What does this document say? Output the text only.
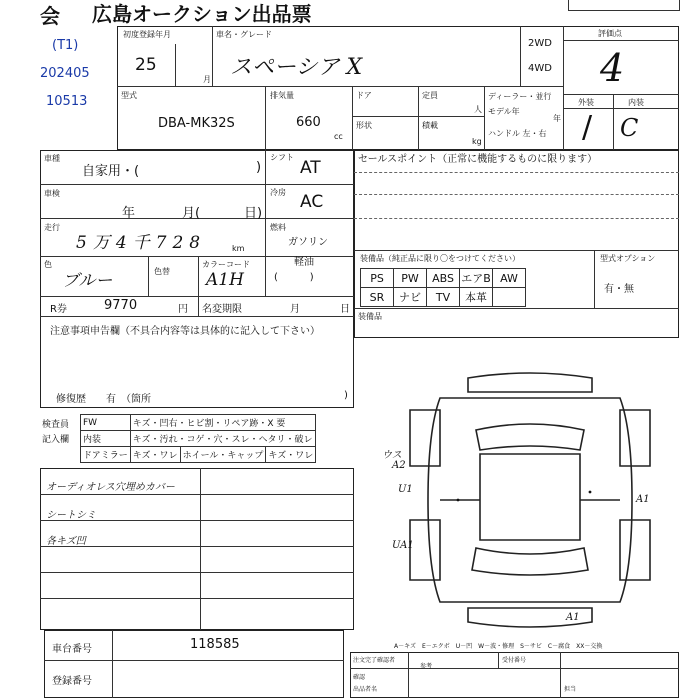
会	広島オークション出品票
(T1)
202405
10513
初度登録年月
25
月
車名・グレード
スペーシア X
2WD
4WD
評価点
4
外装	内装
/ C
型式
DBA-MK32S
排気量
660
cc
ドア
形状
定員
人
積載
kg
ディーラー・並行
モデル年
年
ハンドル 左・右
車種
自家用・(	)
シフト
AT
車検
年	月(	日)
冷房 AC
走行
5万4千728	km
燃料
ガソリン
軽油
(          )
色
ブルー	色替
カラーコード
A1H
R券	9770	円 名変期限	月	日
注意事項申告欄（不具合内容等は具体的に記入して下さい）
修復歴　　有　（箇所	)
セールスポイント（正常に機能するものに限ります）
装備品（純正品に限り〇をつけてください）	型式オプション
PS	PW	ABS	エアB	AW
SR	ナビ	TV	本革	
有・無
装備品
検査員
記入欄
FW	キズ・凹右・ヒビ割・リペア跡・X 要		
内装	キズ・汚れ・コゲ・穴・スレ・ヘタリ・破レ		
ドアミラー	キズ・ワレ	ホイール・キャップ	キズ・ワレ
オーディオレス穴埋めカバー
シートシミ
各キズ凹
ウス
A2
U1
UA1
A1
A1
車台番号	118585
登録番号
A－キズ　E－エクボ　U－凹　W－波・修理　S－サビ　C－腐食　XX－交換
注文完了確認者
参考
確認
受付番号
出品者名	担当
